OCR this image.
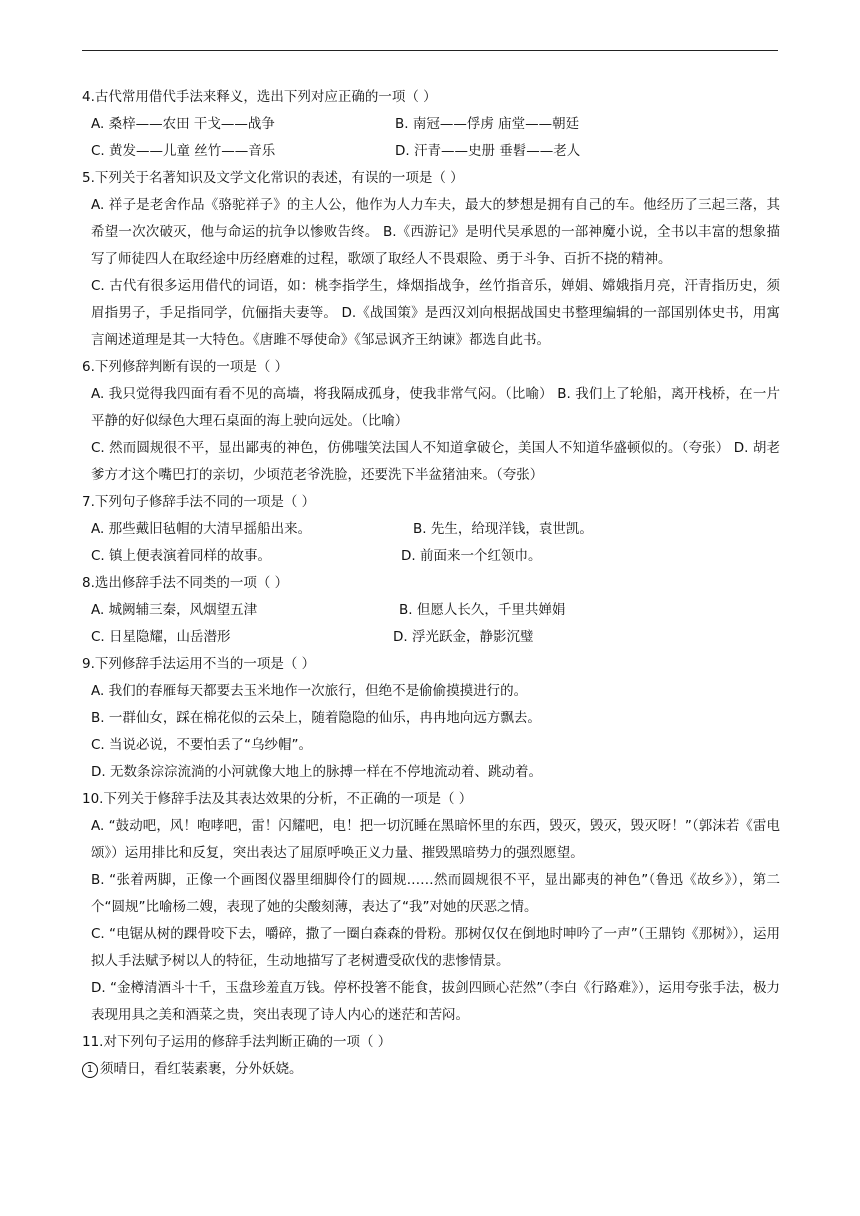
4.古代常用借代手法来释义，选出下列对应正确的一项（ ）

A. 桑梓——农田 干戈——战争	B. 南冠——俘虏 庙堂——朝廷
C. 黄发——儿童 丝竹——音乐	D. 汗青——史册 垂髫——老人

5.下列关于名著知识及文学文化常识的表述，有误的一项是（ ）

A. 祥子是老舍作品《骆驼祥子》的主人公，他作为人力车夫，最大的梦想是拥有自己的车。他经历了三起三落，其希望一次次破灭，他与命运的抗争以惨败告终。 B.《西游记》是明代吴承恩的一部神魔小说，全书以丰富的想象描写了师徒四人在取经途中历经磨难的过程，歌颂了取经人不畏艰险、勇于斗争、百折不挠的精神。

C. 古代有很多运用借代的词语，如：桃李指学生，烽烟指战争，丝竹指音乐，婵娟、嫦娥指月亮，汗青指历史，须眉指男子，手足指同学，伉俪指夫妻等。 D.《战国策》是西汉刘向根据战国史书整理编辑的一部国别体史书，用寓言阐述道理是其一大特色。《唐雎不辱使命》《邹忌讽齐王纳谏》都选自此书。

6.下列修辞判断有误的一项是（ ）

A. 我只觉得我四面有看不见的高墙，将我隔成孤身，使我非常气闷。（比喻） B. 我们上了轮船，离开栈桥，在一片平静的好似绿色大理石桌面的海上驶向远处。（比喻）

C. 然而圆规很不平，显出鄙夷的神色，仿佛嗤笑法国人不知道拿破仑，美国人不知道华盛顿似的。（夸张） D. 胡老爹方才这个嘴巴打的亲切，少顷范老爷洗脸，还要洗下半盆猪油来。（夸张）

7.下列句子修辞手法不同的一项是（ ）

A. 那些戴旧毡帽的大清早摇船出来。	B. 先生，给现洋钱，袁世凯。
C. 镇上便表演着同样的故事。	D. 前面来一个红领巾。

8.选出修辞手法不同类的一项（ ）

A. 城阙辅三秦，风烟望五津	B. 但愿人长久，千里共婵娟
C. 日星隐耀，山岳潜形	D. 浮光跃金，静影沉璧

9.下列修辞手法运用不当的一项是（ ）

A. 我们的春雁每天都要去玉米地作一次旅行，但绝不是偷偷摸摸进行的。

B. 一群仙女，踩在棉花似的云朵上，随着隐隐的仙乐，冉冉地向远方飘去。

C. 当说必说，不要怕丢了“乌纱帽”。

D. 无数条淙淙流淌的小河就像大地上的脉搏一样在不停地流动着、跳动着。

10.下列关于修辞手法及其表达效果的分析，不正确的一项是（ ）

A. “鼓动吧，风！咆哮吧，雷！闪耀吧，电！把一切沉睡在黑暗怀里的东西，毁灭，毁灭，毁灭呀！”（郭沫若《雷电颂》）运用排比和反复，突出表达了屈原呼唤正义力量、摧毁黑暗势力的强烈愿望。

B. “张着两脚，正像一个画图仪器里细脚伶仃的圆规……然而圆规很不平，显出鄙夷的神色”（鲁迅《故乡》），第二个“圆规”比喻杨二嫂，表现了她的尖酸刻薄，表达了“我”对她的厌恶之情。

C. “电锯从树的踝骨咬下去，嚼碎，撒了一圈白森森的骨粉。那树仅仅在倒地时呻吟了一声”（王鼎钧《那树》），运用拟人手法赋予树以人的特征，生动地描写了老树遭受砍伐的悲惨情景。

D. “金樽清酒斗十千，玉盘珍羞直万钱。停杯投箸不能食，拔剑四顾心茫然”（李白《行路难》），运用夸张手法，极力表现用具之美和酒菜之贵，突出表现了诗人内心的迷茫和苦闷。

11.对下列句子运用的修辞手法判断正确的一项（ ）

1 须晴日，看红装素裹，分外妖娆。
